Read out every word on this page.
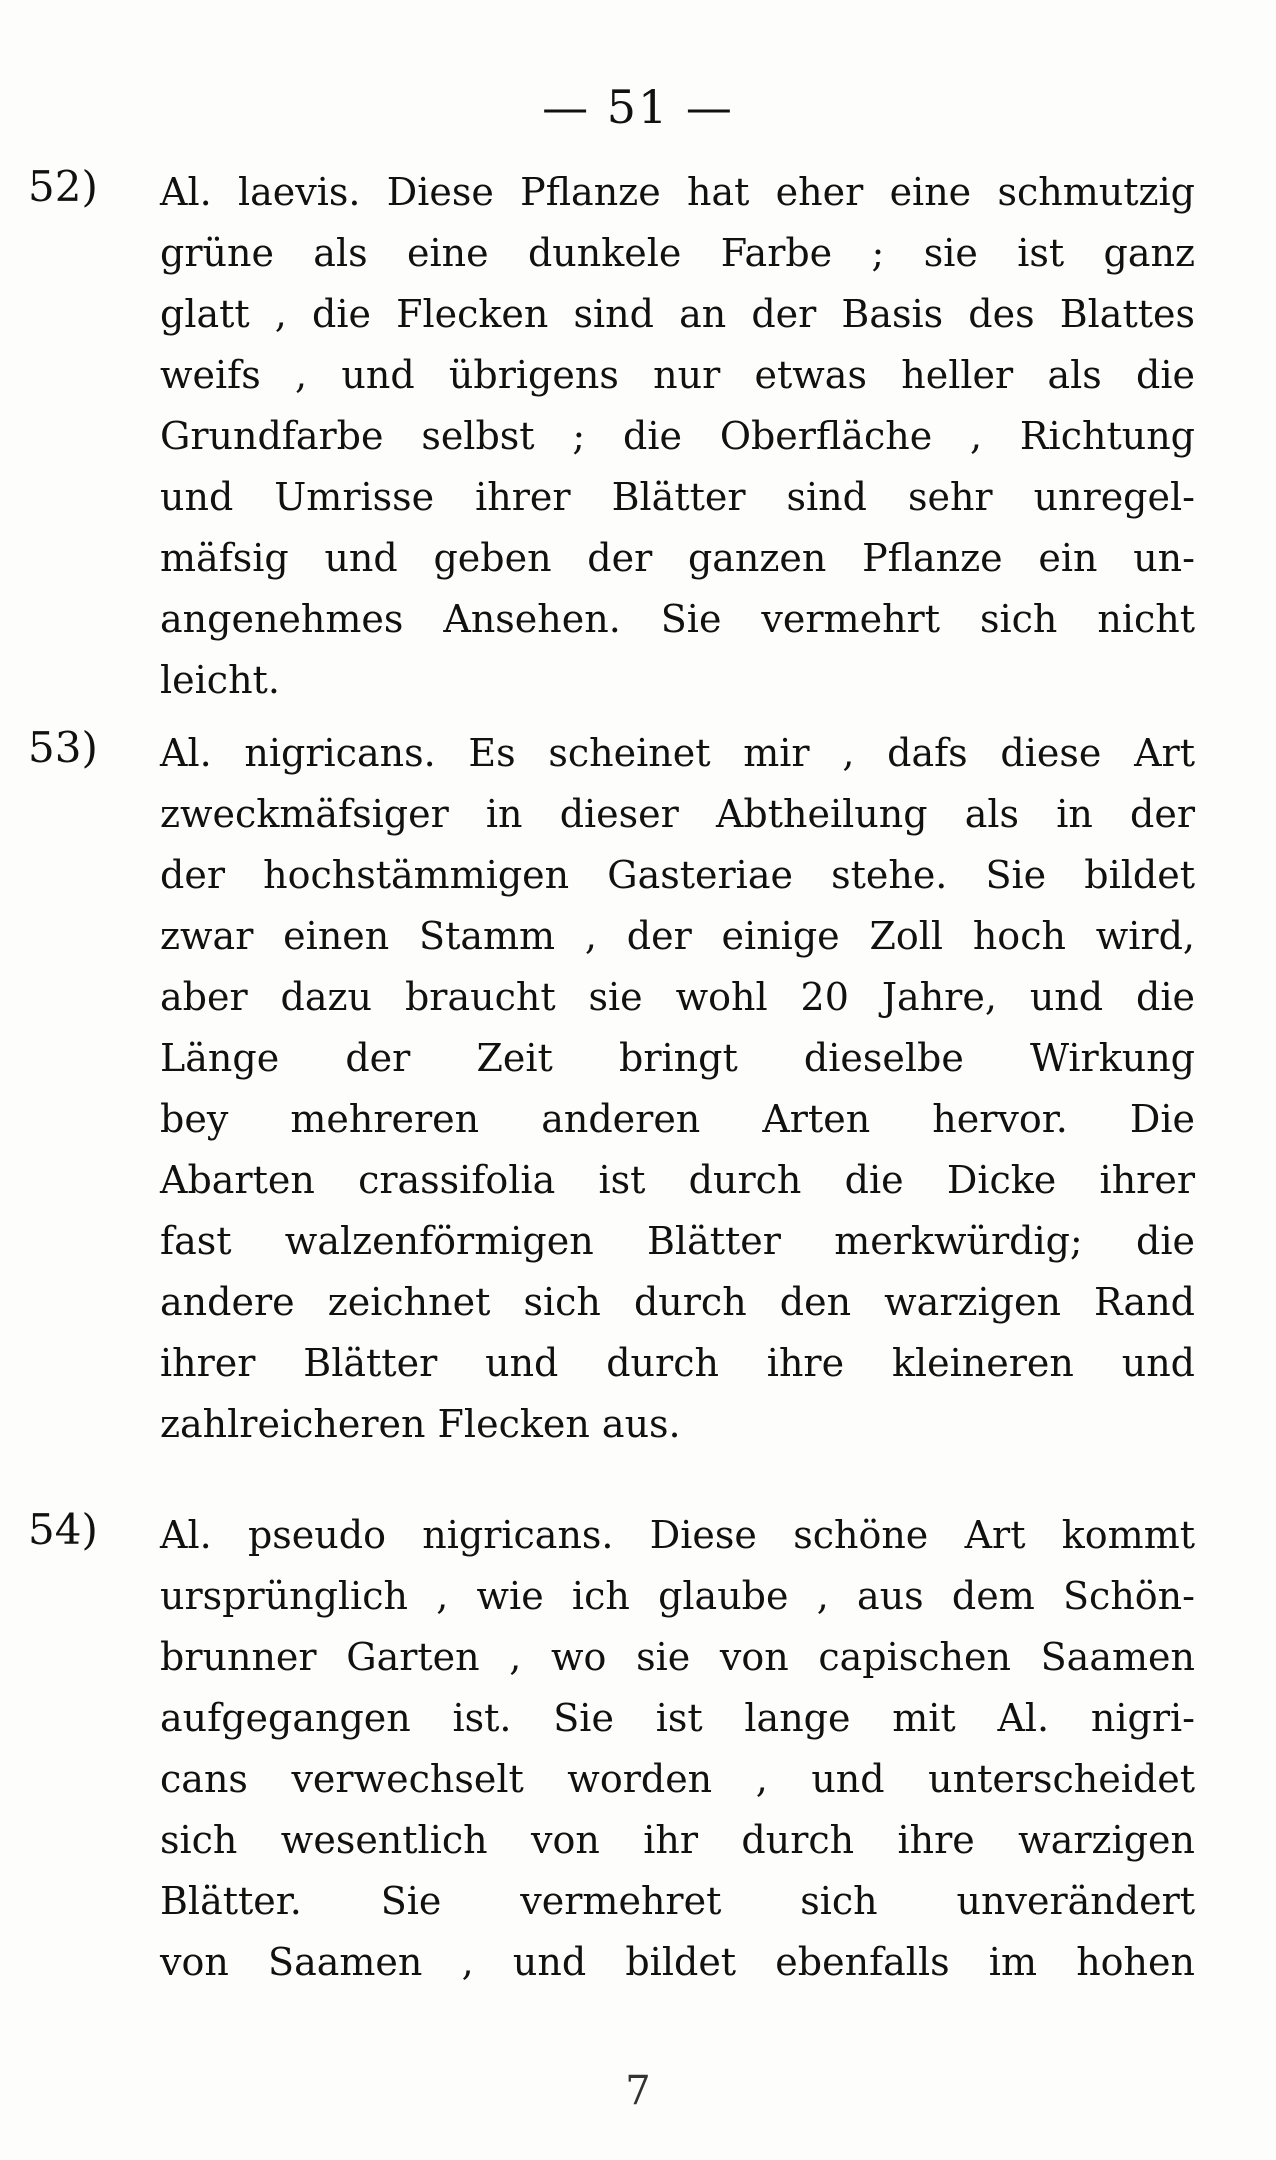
— 51 —
52) Al. laevis. Diese Pflanze hat eher eine schmutzig
grüne als eine dunkele Farbe ; sie ist ganz
glatt , die Flecken sind an der Basis des Blattes
weifs , und übrigens nur etwas heller als die
Grundfarbe selbst ; die Oberfläche , Richtung
und Umrisse ihrer Blätter sind sehr unregel-
mäfsig und geben der ganzen Pflanze ein un-
angenehmes Ansehen. Sie vermehrt sich nicht
leicht.
53) Al. nigricans. Es scheinet mir , dafs diese Art
zweckmäfsiger in dieser Abtheilung als in der
der hochstämmigen Gasteriae stehe. Sie bildet
zwar einen Stamm , der einige Zoll hoch wird,
aber dazu braucht sie wohl 20 Jahre, und die
Länge der Zeit bringt dieselbe Wirkung
bey mehreren anderen Arten hervor. Die
Abarten crassifolia ist durch die Dicke ihrer
fast walzenförmigen Blätter merkwürdig; die
andere zeichnet sich durch den warzigen Rand
ihrer Blätter und durch ihre kleineren und
zahlreicheren Flecken aus.
54) Al. pseudo nigricans. Diese schöne Art kommt
ursprünglich , wie ich glaube , aus dem Schön-
brunner Garten , wo sie von capischen Saamen
aufgegangen ist. Sie ist lange mit Al. nigri-
cans verwechselt worden , und unterscheidet
sich wesentlich von ihr durch ihre warzigen
Blätter. Sie vermehret sich unverändert
von Saamen , und bildet ebenfalls im hohen
7
